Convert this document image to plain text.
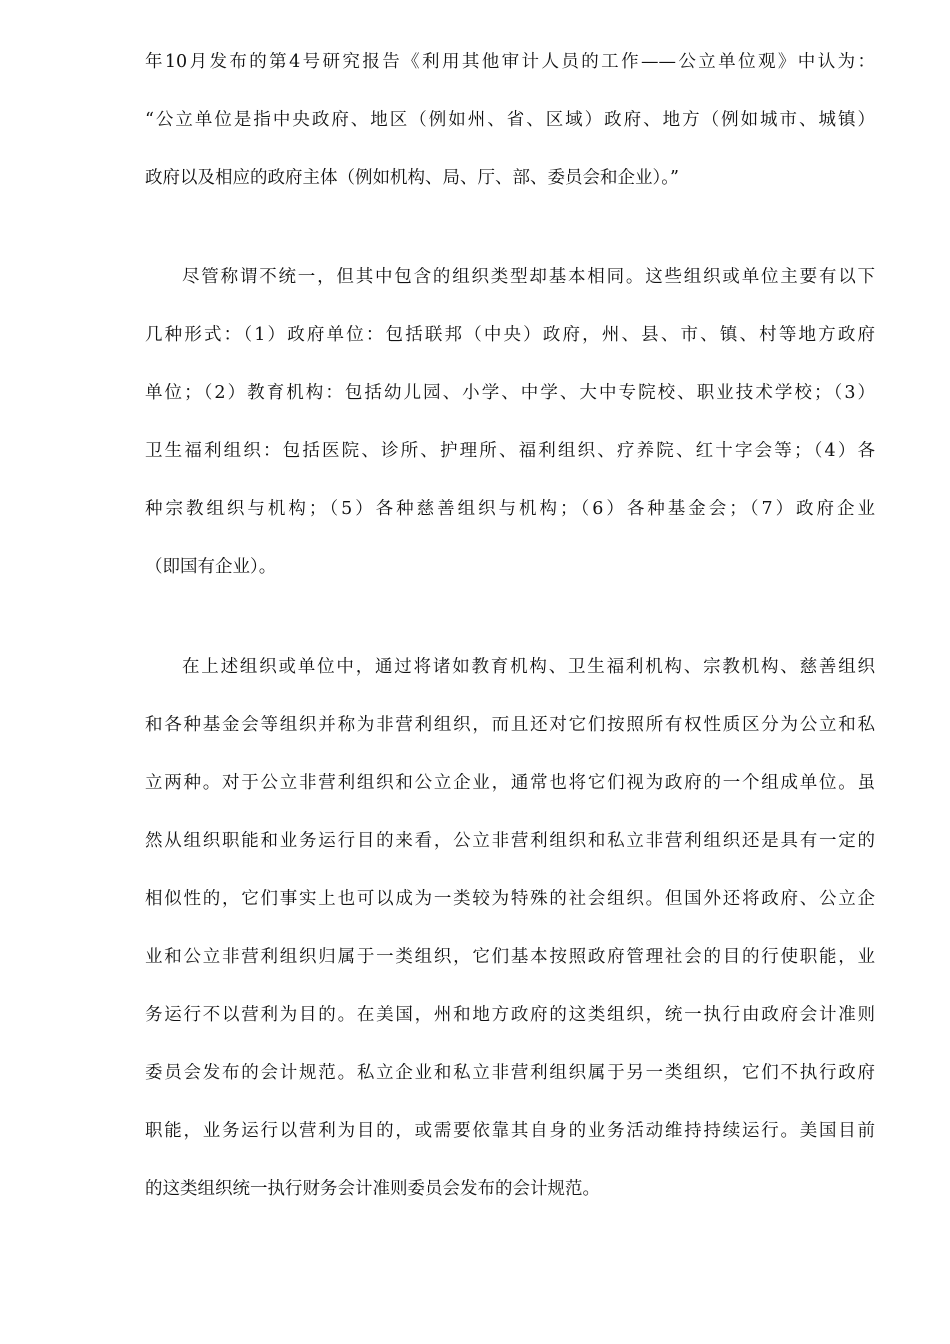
年10月发布的第4号研究报告《利用其他审计人员的工作——公立单位观》中认为：
“公立单位是指中央政府、地区（例如州、省、区域）政府、地方（例如城市、城镇）
政府以及相应的政府主体（例如机构、局、厅、部、委员会和企业）。”
尽管称谓不统一，但其中包含的组织类型却基本相同。这些组织或单位主要有以下
几种形式：（1）政府单位：包括联邦（中央）政府，州、县、市、镇、村等地方政府
单位；（2）教育机构：包括幼儿园、小学、中学、大中专院校、职业技术学校；（3）
卫生福利组织：包括医院、诊所、护理所、福利组织、疗养院、红十字会等；（4）各
种宗教组织与机构；（5）各种慈善组织与机构；（6）各种基金会；（7）政府企业
（即国有企业）。
在上述组织或单位中，通过将诸如教育机构、卫生福利机构、宗教机构、慈善组织
和各种基金会等组织并称为非营利组织，而且还对它们按照所有权性质区分为公立和私
立两种。对于公立非营利组织和公立企业，通常也将它们视为政府的一个组成单位。虽
然从组织职能和业务运行目的来看，公立非营利组织和私立非营利组织还是具有一定的
相似性的，它们事实上也可以成为一类较为特殊的社会组织。但国外还将政府、公立企
业和公立非营利组织归属于一类组织，它们基本按照政府管理社会的目的行使职能，业
务运行不以营利为目的。在美国，州和地方政府的这类组织，统一执行由政府会计准则
委员会发布的会计规范。私立企业和私立非营利组织属于另一类组织，它们不执行政府
职能，业务运行以营利为目的，或需要依靠其自身的业务活动维持持续运行。美国目前
的这类组织统一执行财务会计准则委员会发布的会计规范。
